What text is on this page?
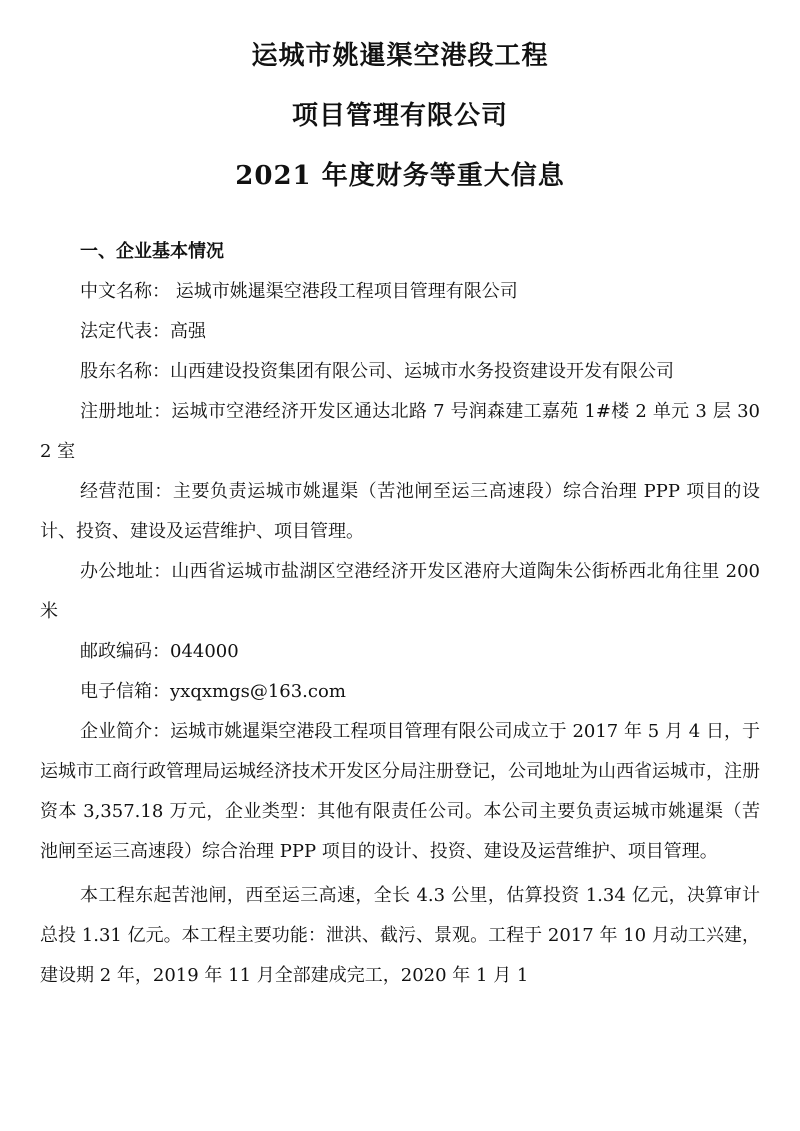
运城市姚暹渠空港段工程
项目管理有限公司
2021 年度财务等重大信息
一、企业基本情况

中文名称： 运城市姚暹渠空港段工程项目管理有限公司

法定代表：高强

股东名称：山西建设投资集团有限公司、运城市水务投资建设开发有限公司

注册地址：运城市空港经济开发区通达北路 7 号润森建工嘉苑 1#楼 2 单元 3 层 302 室

经营范围：主要负责运城市姚暹渠（苦池闸至运三高速段）综合治理 PPP 项目的设计、投资、建设及运营维护、项目管理。

办公地址：山西省运城市盐湖区空港经济开发区港府大道陶朱公街桥西北角往里 200 米

邮政编码：044000

电子信箱：yxqxmgs@163.com

企业简介：运城市姚暹渠空港段工程项目管理有限公司成立于 2017 年 5 月 4 日，于运城市工商行政管理局运城经济技术开发区分局注册登记，公司地址为山西省运城市，注册资本 3,357.18 万元，企业类型：其他有限责任公司。本公司主要负责运城市姚暹渠（苦池闸至运三高速段）综合治理 PPP 项目的设计、投资、建设及运营维护、项目管理。

本工程东起苦池闸，西至运三高速，全长 4.3 公里，估算投资 1.34 亿元，决算审计总投 1.31 亿元。本工程主要功能：泄洪、截污、景观。工程于 2017 年 10 月动工兴建，建设期 2 年，2019 年 11 月全部建成完工，2020 年 1 月 1
